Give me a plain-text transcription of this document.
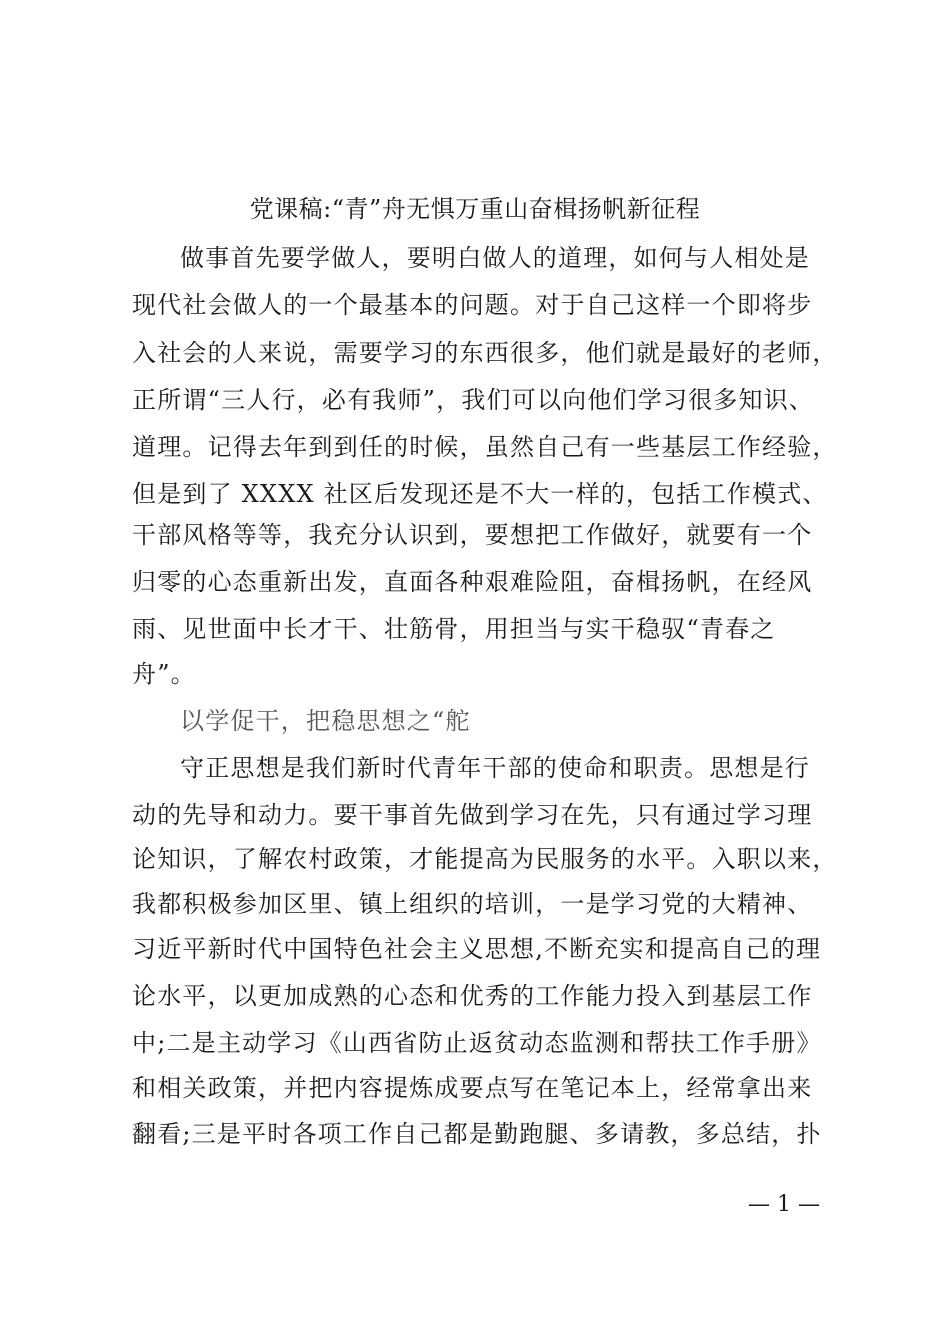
党课稿:“青”舟无惧万重山奋楫扬帆新征程
做事首先要学做人，要明白做人的道理，如何与人相处是
现代社会做人的一个最基本的问题。对于自己这样一个即将步
入社会的人来说，需要学习的东西很多，他们就是最好的老师，
正所谓“三人行，必有我师”，我们可以向他们学习很多知识、
道理。记得去年到到任的时候，虽然自己有一些基层工作经验，
但是到了 XXXX 社区后发现还是不大一样的，包括工作模式、
干部风格等等，我充分认识到，要想把工作做好，就要有一个
归零的心态重新出发，直面各种艰难险阻，奋楫扬帆，在经风
雨、见世面中长才干、壮筋骨，用担当与实干稳驭“青春之
舟”。
以学促干，把稳思想之“舵
守正思想是我们新时代青年干部的使命和职责。思想是行
动的先导和动力。要干事首先做到学习在先，只有通过学习理
论知识，了解农村政策，才能提高为民服务的水平。入职以来，
我都积极参加区里、镇上组织的培训，一是学习党的大精神、
习近平新时代中国特色社会主义思想,不断充实和提高自己的理
论水平，以更加成熟的心态和优秀的工作能力投入到基层工作
中;二是主动学习《山西省防止返贫动态监测和帮扶工作手册》
和相关政策，并把内容提炼成要点写在笔记本上，经常拿出来
翻看;三是平时各项工作自己都是勤跑腿、多请教，多总结，扑
— 1 —
